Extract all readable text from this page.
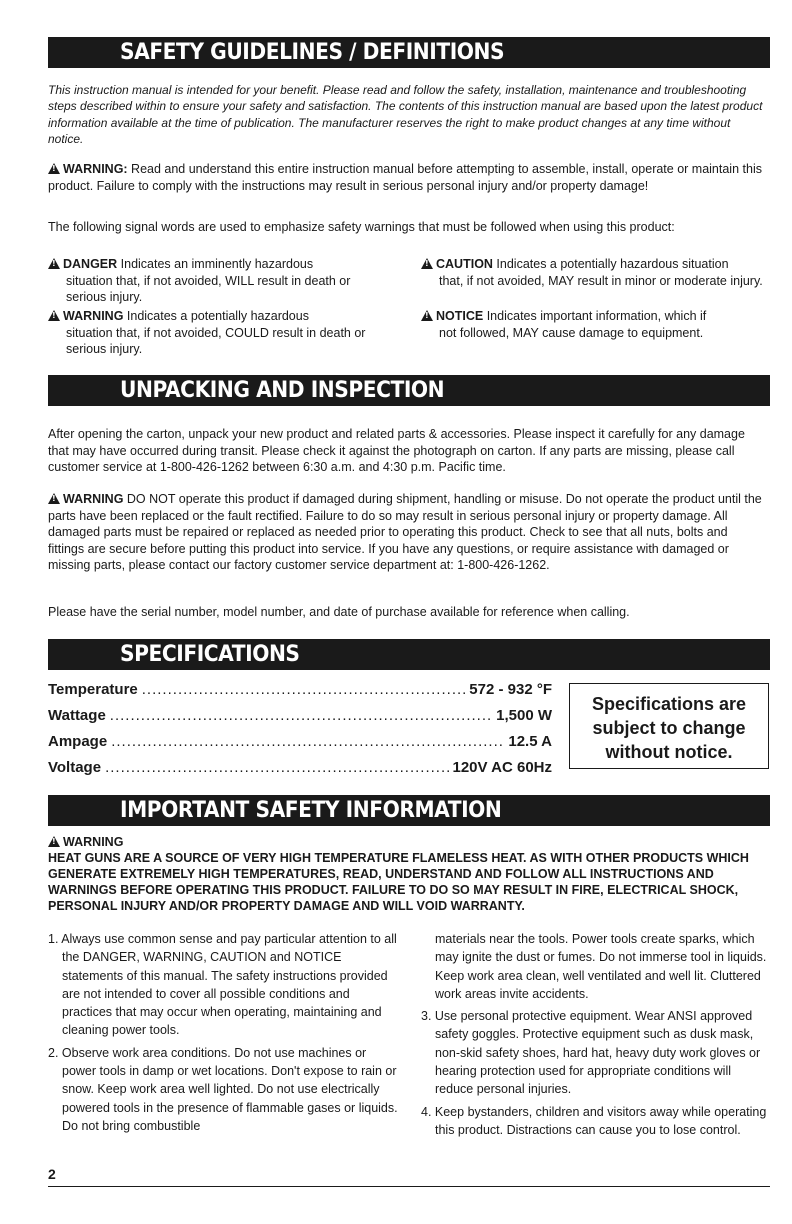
SAFETY GUIDELINES / DEFINITIONS
This instruction manual is intended for your benefit. Please read and follow the safety, installation, maintenance and troubleshooting steps described within to ensure your safety and satisfaction. The contents of this instruction manual are based upon the latest product information available at the time of publication. The manufacturer reserves the right to make product changes at any time without notice.
!WARNING: Read and understand this entire instruction manual before attempting to assemble, install, operate or maintain this product. Failure to comply with the instructions may result in serious personal injury and/or property damage!
The following signal words are used to emphasize safety warnings that must be followed when using this product:
!DANGER Indicates an imminently hazardous
situation that, if not avoided, WILL result in death or serious injury.
!WARNING Indicates a potentially hazardous
situation that, if not avoided, COULD result in death or serious injury.
!CAUTION Indicates a potentially hazardous situation
that, if not avoided, MAY result in minor or moderate injury.
!NOTICE Indicates important information, which if
not followed, MAY cause damage to equipment.
UNPACKING AND INSPECTION
After opening the carton, unpack your new product and related parts & accessories. Please inspect it carefully for any damage that may have occurred during transit. Please check it against the photograph on carton. If any parts are missing, please call customer service at 1-800-426-1262 between 6:30 a.m. and 4:30 p.m. Pacific time.
!WARNING DO NOT operate this product if damaged during shipment, handling or misuse. Do not operate the product until the parts have been replaced or the fault rectified. Failure to do so may result in serious personal injury or property damage. All damaged parts must be repaired or replaced as needed prior to operating this product. Check to see that all nuts, bolts and fittings are secure before putting this product into service. If you have any questions, or require assistance with damaged or missing parts, please contact our factory customer service department at: 1-800-426-1262.
Please have the serial number, model number, and date of purchase available for reference when calling.
SPECIFICATIONS
Temperature .....	572 - 932 °F
Wattage .....	1,500 W
Ampage .....	12.5 A
Voltage .....	120V AC 60Hz
Specifications are
subject to change
without notice.
IMPORTANT SAFETY INFORMATION
!WARNING
HEAT GUNS ARE A SOURCE OF VERY HIGH TEMPERATURE FLAMELESS HEAT. AS WITH OTHER PRODUCTS WHICH GENERATE EXTREMELY HIGH TEMPERATURES, READ, UNDERSTAND AND FOLLOW ALL INSTRUCTIONS AND WARNINGS BEFORE OPERATING THIS PRODUCT. FAILURE TO DO SO MAY RESULT IN FIRE, ELECTRICAL SHOCK, PERSONAL INJURY AND/OR PROPERTY DAMAGE AND WILL VOID WARRANTY.

1. Always use common sense and pay particular attention to all the DANGER, WARNING, CAUTION and NOTICE statements of this manual. The safety instructions provided are not intended to cover all possible conditions and practices that may occur when operating, maintaining and cleaning power tools.

2. Observe work area conditions. Do not use machines or power tools in damp or wet locations. Don't expose to rain or snow. Keep work area well lighted. Do not use electrically powered tools in the presence of flammable gases or liquids. Do not bring combustible

materials near the tools. Power tools create sparks, which may ignite the dust or fumes. Do not immerse tool in liquids. Keep work area clean, well ventilated and well lit. Cluttered work areas invite accidents.

3. Use personal protective equipment. Wear ANSI approved safety goggles. Protective equipment such as dusk mask, non-skid safety shoes, hard hat, heavy duty work gloves or hearing protection used for appropriate conditions will reduce personal injuries.

4. Keep bystanders, children and visitors away while operating this product. Distractions can cause you to lose control.

2
